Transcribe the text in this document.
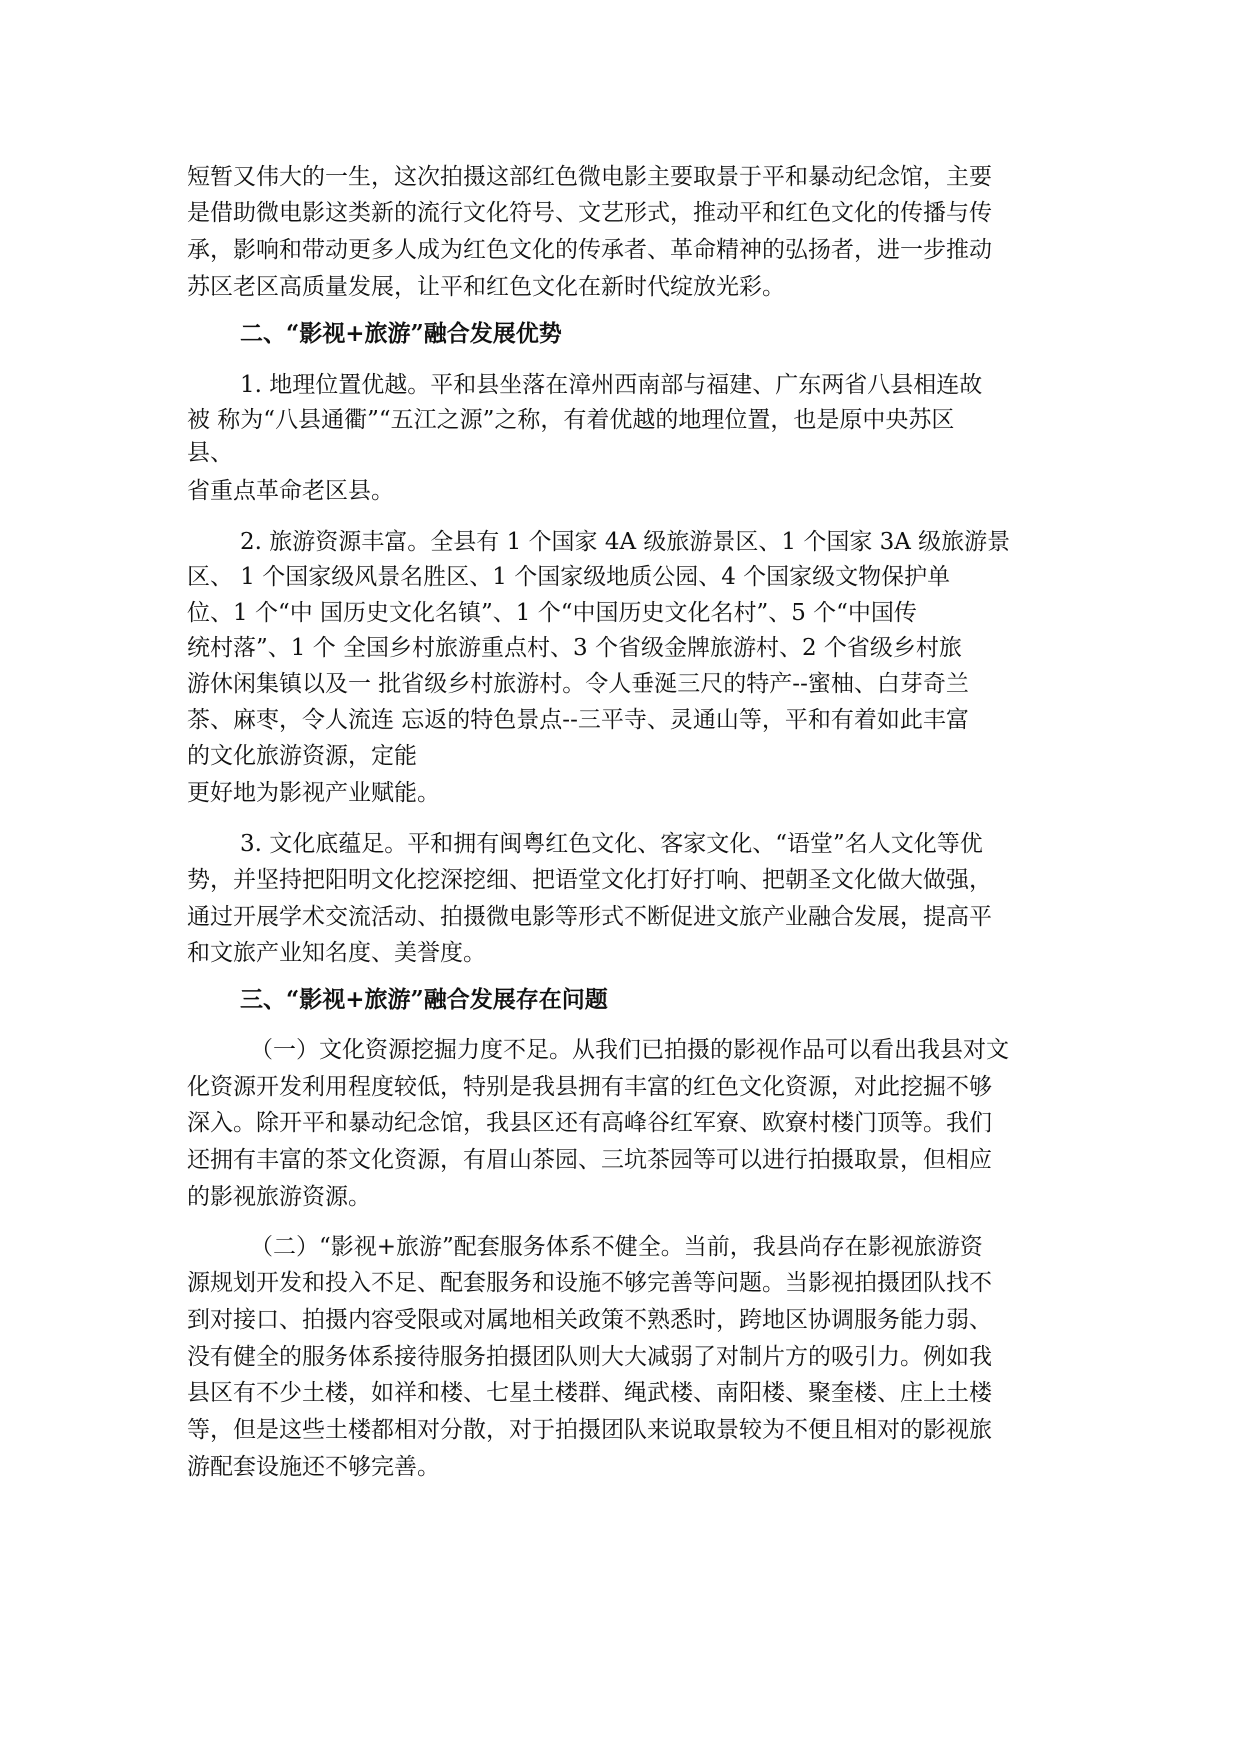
短暂又伟大的一生，这次拍摄这部红色微电影主要取景于平和暴动纪念馆，主要

是借助微电影这类新的流行文化符号、文艺形式，推动平和红色文化的传播与传

承，影响和带动更多人成为红色文化的传承者、革命精神的弘扬者，进一步推动

苏区老区高质量发展，让平和红色文化在新时代绽放光彩。

二、“影视+旅游”融合发展优势

1. 地理位置优越。平和县坐落在漳州西南部与福建、广东两省八县相连故

被 称为“八县通衢”“五江之源”之称，有着优越的地理位置，也是原中央苏区

县、

省重点革命老区县。

2. 旅游资源丰富。全县有 1 个国家 4A 级旅游景区、1 个国家 3A 级旅游景

区、 1 个国家级风景名胜区、1 个国家级地质公园、4 个国家级文物保护单

位、1 个“中 国历史文化名镇”、1 个“中国历史文化名村”、5 个“中国传

统村落”、1 个 全国乡村旅游重点村、3 个省级金牌旅游村、2 个省级乡村旅

游休闲集镇以及一 批省级乡村旅游村。令人垂涎三尺的特产--蜜柚、白芽奇兰

茶、麻枣，令人流连 忘返的特色景点--三平寺、灵通山等，平和有着如此丰富

的文化旅游资源，定能

更好地为影视产业赋能。

3. 文化底蕴足。平和拥有闽粤红色文化、客家文化、“语堂”名人文化等优

势，并坚持把阳明文化挖深挖细、把语堂文化打好打响、把朝圣文化做大做强，

通过开展学术交流活动、拍摄微电影等形式不断促进文旅产业融合发展，提高平

和文旅产业知名度、美誉度。

三、“影视+旅游”融合发展存在问题

（一）文化资源挖掘力度不足。从我们已拍摄的影视作品可以看出我县对文

化资源开发利用程度较低，特别是我县拥有丰富的红色文化资源，对此挖掘不够

深入。除开平和暴动纪念馆，我县区还有高峰谷红军寮、欧寮村楼门顶等。我们

还拥有丰富的茶文化资源，有眉山茶园、三坑茶园等可以进行拍摄取景，但相应

的影视旅游资源。

（二）“影视+旅游”配套服务体系不健全。当前，我县尚存在影视旅游资

源规划开发和投入不足、配套服务和设施不够完善等问题。当影视拍摄团队找不

到对接口、拍摄内容受限或对属地相关政策不熟悉时，跨地区协调服务能力弱、

没有健全的服务体系接待服务拍摄团队则大大减弱了对制片方的吸引力。例如我

县区有不少土楼，如祥和楼、七星土楼群、绳武楼、南阳楼、聚奎楼、庄上土楼

等，但是这些土楼都相对分散，对于拍摄团队来说取景较为不便且相对的影视旅

游配套设施还不够完善。
